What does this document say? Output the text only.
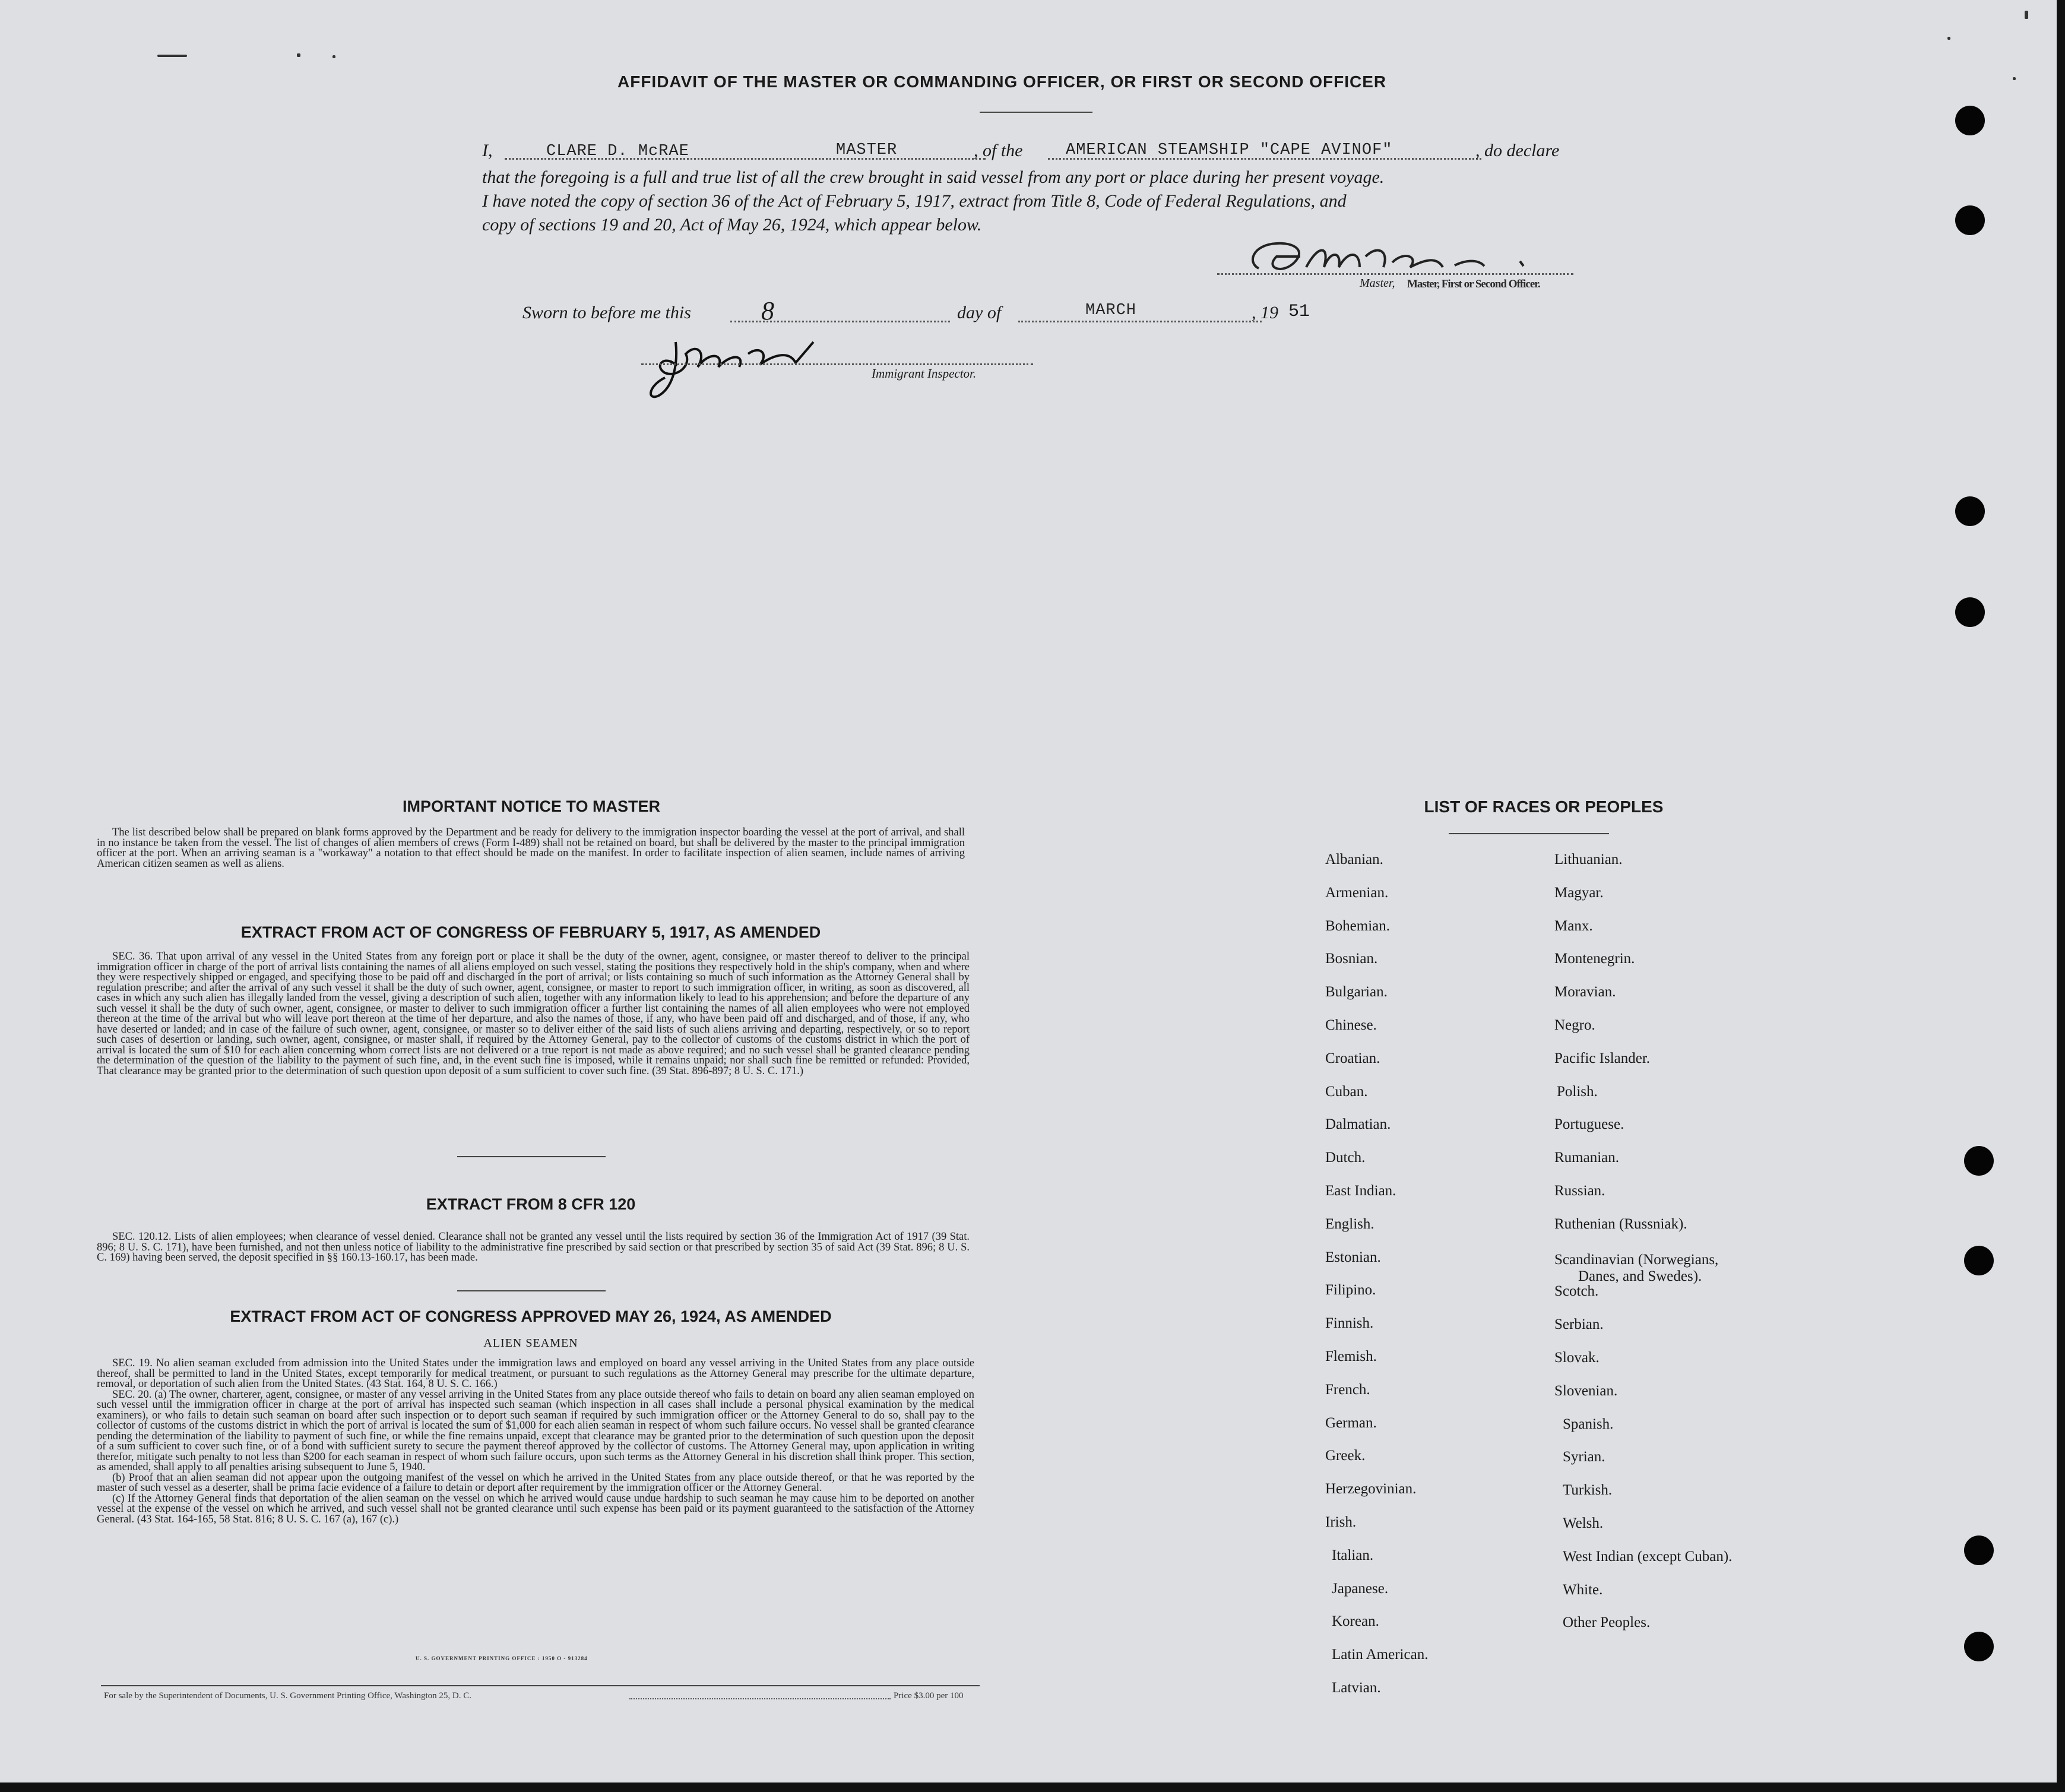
AFFIDAVIT OF THE MASTER OR COMMANDING OFFICER, OR FIRST OR SECOND OFFICER
I,	CLARE D. McRAE	MASTER	, of the	AMERICAN STEAMSHIP "CAPE AVINOF"	, do declare
that the foregoing is a full and true list of all the crew brought in said vessel from any port or place during her present voyage.
I have noted the copy of section 36 of the Act of February 5, 1917, extract from Title 8, Code of Federal Regulations, and
copy of sections 19 and 20, Act of May 26, 1924, which appear below.
Master, Master, First or Second Officer.
Sworn to before me this	8	day of	MARCH	, 19 51
Immigrant Inspector.
IMPORTANT NOTICE TO MASTER

The list described below shall be prepared on blank forms approved by the Department and be ready for delivery to the immigration inspector boarding the vessel at the port of arrival, and shall in no instance be taken from the vessel. The list of changes of alien members of crews (Form I-489) shall not be retained on board, but shall be delivered by the master to the principal immigration officer at the port. When an arriving seaman is a "workaway" a notation to that effect should be made on the manifest. In order to facilitate inspection of alien seamen, include names of arriving American citizen seamen as well as aliens.

EXTRACT FROM ACT OF CONGRESS OF FEBRUARY 5, 1917, AS AMENDED

SEC. 36. That upon arrival of any vessel in the United States from any foreign port or place it shall be the duty of the owner, agent, consignee, or master thereof to deliver to the principal immigration officer in charge of the port of arrival lists containing the names of all aliens employed on such vessel, stating the positions they respectively hold in the ship's company, when and where they were respectively shipped or engaged, and specifying those to be paid off and discharged in the port of arrival; or lists containing so much of such information as the Attorney General shall by regulation prescribe; and after the arrival of any such vessel it shall be the duty of such owner, agent, consignee, or master to report to such immigration officer, in writing, as soon as discovered, all cases in which any such alien has illegally landed from the vessel, giving a description of such alien, together with any information likely to lead to his apprehension; and before the departure of any such vessel it shall be the duty of such owner, agent, consignee, or master to deliver to such immigration officer a further list containing the names of all alien employees who were not employed thereon at the time of the arrival but who will leave port thereon at the time of her departure, and also the names of those, if any, who have been paid off and discharged, and of those, if any, who have deserted or landed; and in case of the failure of such owner, agent, consignee, or master so to deliver either of the said lists of such aliens arriving and departing, respectively, or so to report such cases of desertion or landing, such owner, agent, consignee, or master shall, if required by the Attorney General, pay to the collector of customs of the customs district in which the port of arrival is located the sum of $10 for each alien concerning whom correct lists are not delivered or a true report is not made as above required; and no such vessel shall be granted clearance pending the determination of the question of the liability to the payment of such fine, and, in the event such fine is imposed, while it remains unpaid; nor shall such fine be remitted or refunded: Provided, That clearance may be granted prior to the determination of such question upon deposit of a sum sufficient to cover such fine. (39 Stat. 896-897; 8 U. S. C. 171.)

EXTRACT FROM 8 CFR 120

SEC. 120.12. Lists of alien employees; when clearance of vessel denied. Clearance shall not be granted any vessel until the lists required by section 36 of the Immigration Act of 1917 (39 Stat. 896; 8 U. S. C. 171), have been furnished, and not then unless notice of liability to the administrative fine prescribed by said section or that prescribed by section 35 of said Act (39 Stat. 896; 8 U. S. C. 169) having been served, the deposit specified in §§ 160.13-160.17, has been made.

EXTRACT FROM ACT OF CONGRESS APPROVED MAY 26, 1924, AS AMENDED
ALIEN SEAMEN

SEC. 19. No alien seaman excluded from admission into the United States under the immigration laws and employed on board any vessel arriving in the United States from any place outside thereof, shall be permitted to land in the United States, except temporarily for medical treatment, or pursuant to such regulations as the Attorney General may prescribe for the ultimate departure, removal, or deportation of such alien from the United States. (43 Stat. 164, 8 U. S. C. 166.)

SEC. 20. (a) The owner, charterer, agent, consignee, or master of any vessel arriving in the United States from any place outside thereof who fails to detain on board any alien seaman employed on such vessel until the immigration officer in charge at the port of arrival has inspected such seaman (which inspection in all cases shall include a personal physical examination by the medical examiners), or who fails to detain such seaman on board after such inspection or to deport such seaman if required by such immigration officer or the Attorney General to do so, shall pay to the collector of customs of the customs district in which the port of arrival is located the sum of $1,000 for each alien seaman in respect of whom such failure occurs. No vessel shall be granted clearance pending the determination of the liability to payment of such fine, or while the fine remains unpaid, except that clearance may be granted prior to the determination of such question upon the deposit of a sum sufficient to cover such fine, or of a bond with sufficient surety to secure the payment thereof approved by the collector of customs. The Attorney General may, upon application in writing therefor, mitigate such penalty to not less than $200 for each seaman in respect of whom such failure occurs, upon such terms as the Attorney General in his discretion shall think proper. This section, as amended, shall apply to all penalties arising subsequent to June 5, 1940.

(b) Proof that an alien seaman did not appear upon the outgoing manifest of the vessel on which he arrived in the United States from any place outside thereof, or that he was reported by the master of such vessel as a deserter, shall be prima facie evidence of a failure to detain or deport after requirement by the immigration officer or the Attorney General.

(c) If the Attorney General finds that deportation of the alien seaman on the vessel on which he arrived would cause undue hardship to such seaman he may cause him to be deported on another vessel at the expense of the vessel on which he arrived, and such vessel shall not be granted clearance until such expense has been paid or its payment guaranteed to the satisfaction of the Attorney General. (43 Stat. 164-165, 58 Stat. 816; 8 U. S. C. 167 (a), 167 (c).)

U. S. GOVERNMENT PRINTING OFFICE : 1950 O - 913284
For sale by the Superintendent of Documents, U. S. Government Printing Office, Washington 25, D. C.	Price $3.00 per 100
LIST OF RACES OR PEOPLES
Albanian.
Armenian.
Bohemian.
Bosnian.
Bulgarian.
Chinese.
Croatian.
Cuban.
Dalmatian.
Dutch.
East Indian.
English.
Estonian.
Filipino.
Finnish.
Flemish.
French.
German.
Greek.
Herzegovinian.
Irish.
Italian.
Japanese.
Korean.
Latin American.
Latvian.
Lithuanian.
Magyar.
Manx.
Montenegrin.
Moravian.
Negro.
Pacific Islander.
Polish.
Portuguese.
Rumanian.
Russian.
Ruthenian (Russniak).
Scandinavian (Norwegians,
Danes, and Swedes).
Scotch.
Serbian.
Slovak.
Slovenian.
Spanish.
Syrian.
Turkish.
Welsh.
West Indian (except Cuban).
White.
Other Peoples.
